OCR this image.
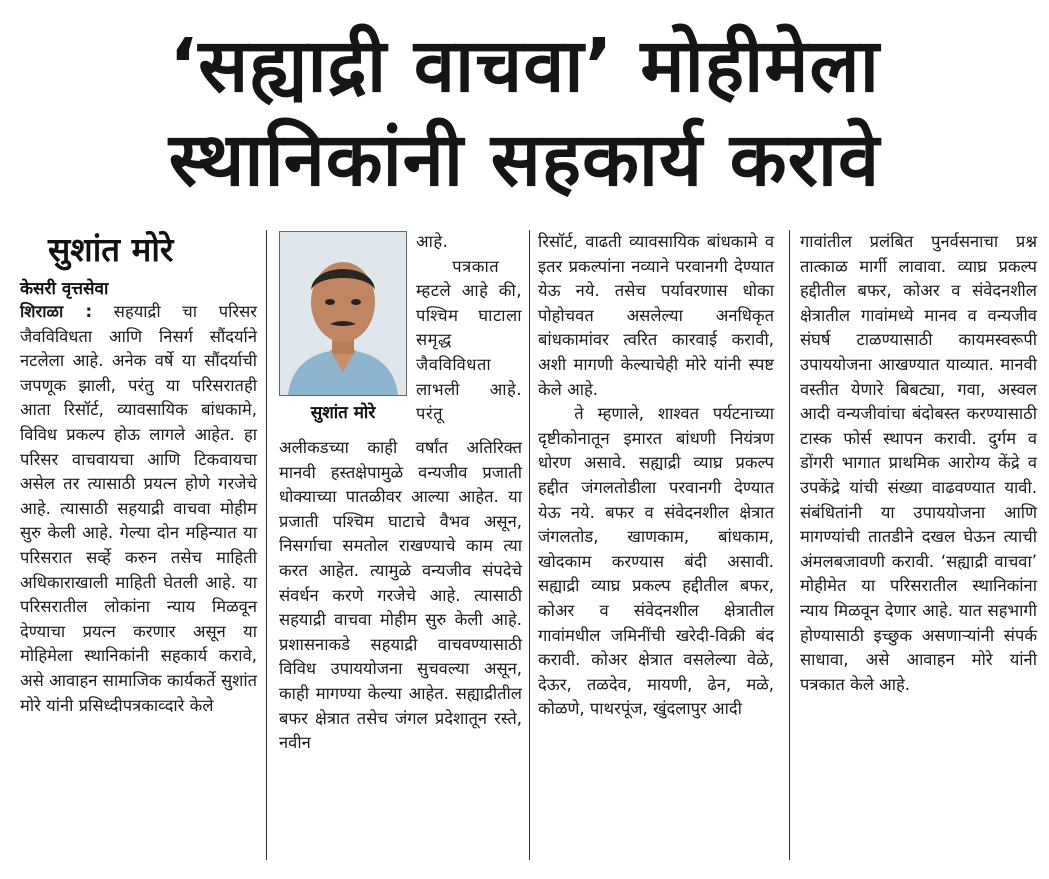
‘सह्याद्री वाचवा’ मोहीमेला
स्थानिकांनी सहकार्य करावे
सुशांत मोरे
केसरी वृत्तसेवा

शिराळा : सहयाद्री चा परिसर जैवविविधता आणि निसर्ग सौंदर्याने नटलेला आहे. अनेक वर्षे या सौंदर्याची जपणूक झाली, परंतु या परिसरातही आता रिसॉर्ट, व्यावसायिक बांधकामे, विविध प्रकल्प होऊ लागले आहेत. हा परिसर वाचवायचा आणि टिकवायचा असेल तर त्यासाठी प्रयत्न होणे गरजेचे आहे. त्यासाठी सहयाद्री वाचवा मोहीम सुरु केली आहे. गेल्या दोन महिन्यात या परिसरात सर्व्हे करुन तसेच माहिती अधिकाराखाली माहिती घेतली आहे. या परिसरातील लोकांना न्याय मिळवून देण्याचा प्रयत्न करणार असून या मोहिमेला स्थानिकांनी सहकार्य करावे, असे आवाहन सामाजिक कार्यकर्ते सुशांत मोरे यांनी प्रसिध्दीपत्रकाव्दारे केले

सुशांत मोरे

आहे.

पत्रकात म्हटले आहे की, पश्चिम घाटाला समृद्ध जैवविविधता लाभली आहे. परंतू

अलीकडच्या काही वर्षांत अतिरिक्त मानवी हस्तक्षेपामुळे वन्यजीव प्रजाती धोक्याच्या पातळीवर आल्या आहेत. या प्रजाती पश्चिम घाटाचे वैभव असून, निसर्गाचा समतोल राखण्याचे काम त्या करत आहेत. त्यामुळे वन्यजीव संपदेचे संवर्धन करणे गरजेचे आहे. त्यासाठी सहयाद्री वाचवा मोहीम सुरु केली आहे. प्रशासनाकडे सहयाद्री वाचवण्यासाठी विविध उपाययोजना सुचवल्या असून, काही मागण्या केल्या आहेत. सह्याद्रीतील बफर क्षेत्रात तसेच जंगल प्रदेशातून रस्ते, नवीन

रिसॉर्ट, वाढती व्यावसायिक बांधकामे व इतर प्रकल्पांना नव्याने परवानगी देण्यात येऊ नये. तसेच पर्यावरणास धोका पोहोचवत असलेल्या अनधिकृत बांधकामांवर त्वरित कारवाई करावी, अशी मागणी केल्याचेही मोरे यांनी स्पष्ट केले आहे.

ते म्हणाले, शाश्वत पर्यटनाच्या दृष्टीकोनातून इमारत बांधणी नियंत्रण धोरण असावे. सह्याद्री व्याघ्र प्रकल्प हद्दीत जंगलतोडीला परवानगी देण्यात येऊ नये. बफर व संवेदनशील क्षेत्रात जंगलतोड, खाणकाम, बांधकाम, खोदकाम करण्यास बंदी असावी. सह्याद्री व्याघ्र प्रकल्प हद्दीतील बफर, कोअर व संवेदनशील क्षेत्रातील गावांमधील जमिनींची खरेदी-विक्री बंद करावी. कोअर क्षेत्रात वसलेल्या वेळे, देऊर, तळदेव, मायणी, ढेन, मळे, कोळणे, पाथरपूंज, खुंदलापुर आदी

गावांतील प्रलंबित पुनर्वसनाचा प्रश्न तात्काळ मार्गी लावावा. व्याघ्र प्रकल्प हद्दीतील बफर, कोअर व संवेदनशील क्षेत्रातील गावांमध्ये मानव व वन्यजीव संघर्ष टाळण्यासाठी कायमस्वरूपी उपाययोजना आखण्यात याव्यात. मानवी वस्तीत येणारे बिबट्या, गवा, अस्वल आदी वन्यजीवांचा बंदोबस्त करण्यासाठी टास्क फोर्स स्थापन करावी. दुर्गम व डोंगरी भागात प्राथमिक आरोग्य केंद्रे व उपकेंद्रे यांची संख्या वाढवण्यात यावी. संबंधितांनी या उपाययोजना आणि मागण्यांची तातडीने दखल घेऊन त्याची अंमलबजावणी करावी. ‘सह्याद्री वाचवा’ मोहीमेत या परिसरातील स्थानिकांना न्याय मिळवून देणार आहे. यात सहभागी होण्यासाठी इच्छुक असणाऱ्यांनी संपर्क साधावा, असे आवाहन मोरे यांनी पत्रकात केले आहे.
